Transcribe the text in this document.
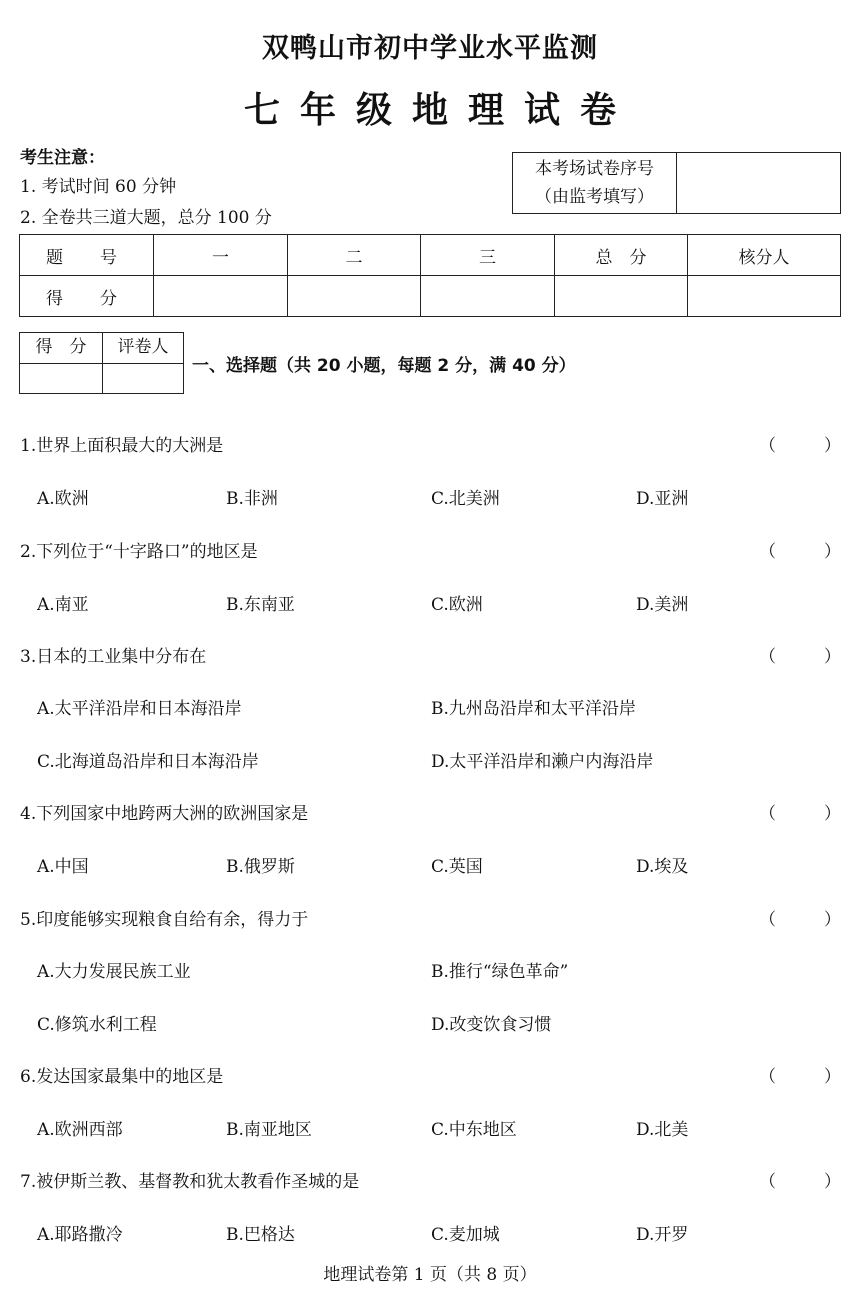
双鸭山市初中学业水平监测
七年级地理试卷
考生注意：
1. 考试时间 60 分钟
2. 全卷共三道大题，总分 100 分
本考场试卷序号
（由监考填写）
题　号	一	二	三	总　分	核分人
得　分					
得　分	评卷人
一、选择题（共 20 小题，每题 2 分，满 40 分）
1.世界上面积最大的大洲是	（	）
A.欧洲	B.非洲	C.北美洲	D.亚洲
2.下列位于“十字路口”的地区是	（	）
A.南亚	B.东南亚	C.欧洲	D.美洲
3.日本的工业集中分布在	（	）
A.太平洋沿岸和日本海沿岸	B.九州岛沿岸和太平洋沿岸
C.北海道岛沿岸和日本海沿岸	D.太平洋沿岸和濑户内海沿岸
4.下列国家中地跨两大洲的欧洲国家是	（	）
A.中国	B.俄罗斯	C.英国	D.埃及
5.印度能够实现粮食自给有余，得力于	（	）
A.大力发展民族工业	B.推行“绿色革命”
C.修筑水利工程	D.改变饮食习惯
6.发达国家最集中的地区是	（	）
A.欧洲西部	B.南亚地区	C.中东地区	D.北美
7.被伊斯兰教、基督教和犹太教看作圣城的是	（	）
A.耶路撒冷	B.巴格达	C.麦加城	D.开罗
地理试卷第 1 页（共 8 页）
